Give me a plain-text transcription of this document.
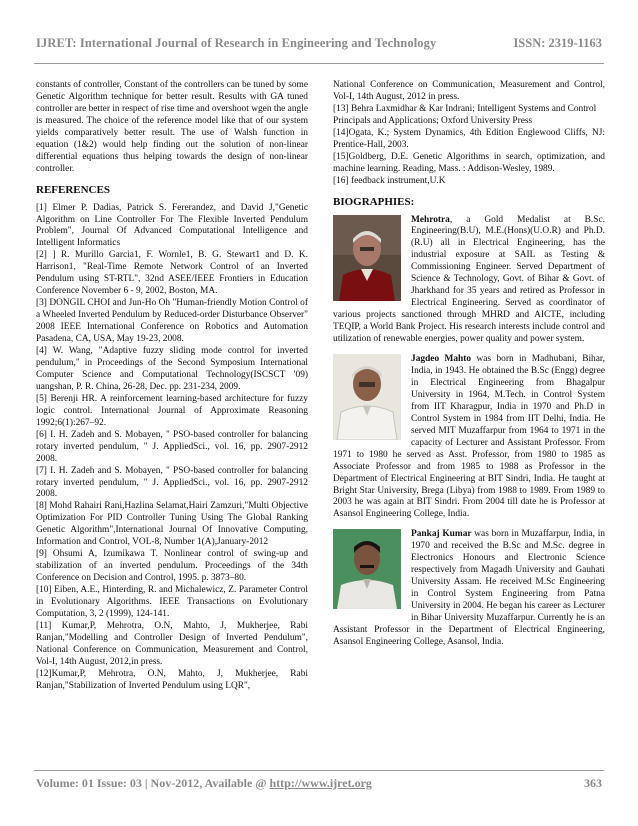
IJRET: International Journal of Research in Engineering and Technology	ISSN: 2319-1163

constants of controller, Constant of the controllers can be tuned by some Genetic Algorithm technique for better result. Results with GA tuned controller are better in respect of rise time and overshoot wgen the angle is measured. The choice of the reference model like that of our system yields comparatively better result. The use of Walsh function in equation (1&2) would help finding out the solution of non-linear differential equations thus helping towards the design of non-linear controller.

REFERENCES

[1] Elmer P. Dadias, Patrick S. Fererandez, and David J,"Genetic Algorithm on Line Controller For The Flexible Inverted Pendulum Problem", Journal Of Advanced Computational Intelligence and Intelligent Informatics

[2] ] R. Murillo Garcia1, F. Wornle1, B. G. Stewart1 and D. K. Harrison1, "Real-Time Remote Network Control of an Inverted Pendulum using ST-RTL", 32nd ASEE/IEEE Frontiers in Education Conference November 6 - 9, 2002, Boston, MA.

[3] DONGIL CHOI and Jun-Ho Oh "Human-friendly Motion Control of a Wheeled Inverted Pendulum by Reduced-order Disturbance Observer" 2008 IEEE International Conference on Robotics and Automation Pasadena, CA, USA, May 19-23, 2008.

[4] W. Wang, "Adaptive fuzzy sliding mode control for inverted pendulum," in Proceedings of the Second Symposium International Computer Science and Computational Technology(ISCSCT '09) uangshan, P. R. China, 26-28, Dec. pp. 231-234, 2009.

[5] Berenji HR. A reinforcement learning-based architecture for fuzzy logic control. International Journal of Approximate Reasoning 1992;6(1):267–92.

[6] I. H. Zadeh and S. Mobayen, " PSO-based controller for balancing rotary inverted pendulum, " J. AppliedSci., vol. 16, pp. 2907-2912 2008.

[7] I. H. Zadeh and S. Mobayen, " PSO-based controller for balancing rotary inverted pendulum, " J. AppliedSci., vol. 16, pp. 2907-2912 2008.

[8] Mohd Rahairi Rani,Hazlina Selamat,Hairi Zamzuri,"Multi Objective Optimization For PID Controller Tuning Using The Global Ranking Genetic Algorithm",International Journal Of Innovative Computing, Information and Control, VOL-8, Number 1(A),January-2012

[9] Ohsumi A, Izumikawa T. Nonlinear control of swing-up and stabilization of an inverted pendulum. Proceedings of the 34th Conference on Decision and Control, 1995. p. 3873–80.

[10] Eiben, A.E., Hinterding, R. and Michalewicz, Z. Parameter Control in Evolutionary Algorithms. IEEE Transactions on Evolutionary Computation, 3, 2 (1999), 124-141.

[11] Kumar,P, Mehrotra, O.N, Mahto, J, Mukherjee, Rabi Ranjan,"Modelling and Controller Design of Inverted Pendulum", National Conference on Communication, Measurement and Control, Vol-I, 14th August, 2012,in press.

[12]Kumar,P, Mehrotra, O.N, Mahto, J, Mukherjee, Rabi Ranjan,"Stabilization of Inverted Pendulum using LQR",

National Conference on Communication, Measurement and Control, Vol-I, 14th August, 2012 in press.

[13] Behra Laxmidhar & Kar Indrani; Intelligent Systems and Control Principals and Applications; Oxford University Press

[14]Ogata, K.; System Dynamics, 4th Edition Englewood Cliffs, NJ: Prentice-Hall, 2003.

[15]Goldberg, D.E. Genetic Algorithms in search, optimization, and machine learning. Reading, Mass. : Addison-Wesley, 1989.

[16] feedback instrument,U.K

BIOGRAPHIES:
Mehrotra, a Gold Medalist at B.Sc. Engineering(B.U), M.E.(Hons)(U.O.R) and Ph.D. (R.U) all in Electrical Engineering, has the industrial exposure at SAIL as Testing & Commissioning Engineer. Served Department of Science & Technology, Govt. of Bihar & Govt. of Jharkhand for 35 years and retired as Professor in Electrical Engineering. Served as coordinator of various projects sanctioned through MHRD and AICTE, including TEQIP, a World Bank Project. His research interests include control and utilization of renewable energies, power quality and power system.
Jagdeo Mahto was born in Madhubani, Bihar, India, in 1943. He obtained the B.Sc (Engg) degree in Electrical Engineering from Bhagalpur University in 1964, M.Tech. in Control System from IIT Kharagpur, India in 1970 and Ph.D in Control System in 1984 from IIT Delhi, India. He served MIT Muzaffarpur from 1964 to 1971 in the capacity of Lecturer and Assistant Professor. From 1971 to 1980 he served as Asst. Professor, from 1980 to 1985 as Associate Professor and from 1985 to 1988 as Professor in the Department of Electrical Engineering at BIT Sindri, India. He taught at Bright Star University, Brega (Libya) from 1988 to 1989. From 1989 to 2003 he was again at BIT Sindri. From 2004 till date he is Professor at Asansol Engineering College, India.
Pankaj Kumar was born in Muzaffarpur, India, in 1970 and received the B.Sc and M.Sc. degree in Electronics Honours and Electronic Science respectively from Magadh University and Gauhati University Assam. He received M.Sc Engineering in Control System Engineering from Patna University in 2004. He began his career as Lecturer in Bihar University Muzaffarpur. Currently he is an Assistant Professor in the Department of Electrical Engineering, Asansol Engineering College, Asansol, India.
Volume: 01 Issue: 03 | Nov-2012, Available @ http://www.ijret.org	363
